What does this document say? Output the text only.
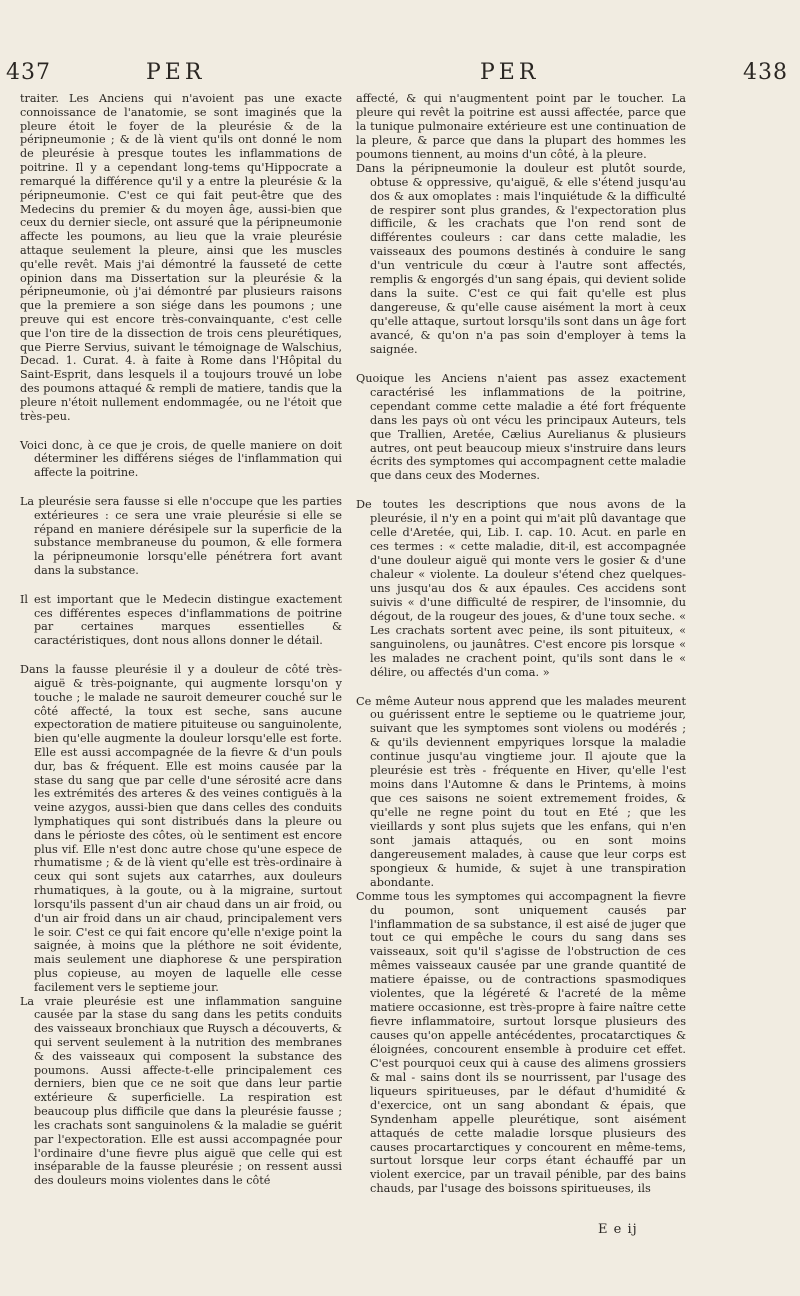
437	PER	PER	438

traiter. Les Anciens qui n'avoient pas une exacte connoissance de l'anatomie, se sont imaginés que la pleure étoit le foyer de la pleurésie & de la péripneumonie ; & de là vient qu'ils ont donné le nom de pleurésie à presque toutes les inflammations de poitrine. Il y a cependant long-tems qu'Hippocrate a remarqué la différence qu'il y a entre la pleurésie & la péripneumonie. C'est ce qui fait peut-être que des Medecins du premier & du moyen âge, aussi-bien que ceux du dernier siecle, ont assuré que la péripneumonie affecte les poumons, au lieu que la vraie pleurésie attaque seulement la pleure, ainsi que les muscles qu'elle revêt. Mais j'ai démontré la fausseté de cette opinion dans ma Dissertation sur la pleurésie & la péripneumonie, où j'ai démontré par plusieurs raisons que la premiere a son siége dans les poumons ; une preuve qui est encore très-convainquante, c'est celle que l'on tire de la dissection de trois cens pleurétiques, que Pierre Servius, suivant le témoignage de Walschius, Decad. 1. Curat. 4. à faite à Rome dans l'Hôpital du Saint-Esprit, dans lesquels il a toujours trouvé un lobe des poumons attaqué & rempli de matiere, tandis que la pleure n'étoit nullement endommagée, ou ne l'étoit que très-peu.

Voici donc, à ce que je crois, de quelle maniere on doit déterminer les différens siéges de l'inflammation qui affecte la poitrine.

La pleurésie sera fausse si elle n'occupe que les parties extérieures : ce sera une vraie pleurésie si elle se répand en maniere dérésipele sur la superficie de la substance membraneuse du poumon, & elle formera la péripneumonie lorsqu'elle pénétrera fort avant dans la substance.

Il est important que le Medecin distingue exactement ces différentes especes d'inflammations de poitrine par certaines marques essentielles & caractéristiques, dont nous allons donner le détail.

Dans la fausse pleurésie il y a douleur de côté très-aiguë & très-poignante, qui augmente lorsqu'on y touche ; le malade ne sauroit demeurer couché sur le côté affecté, la toux est seche, sans aucune expectoration de matiere pituiteuse ou sanguinolente, bien qu'elle augmente la douleur lorsqu'elle est forte. Elle est aussi accompagnée de la fievre & d'un pouls dur, bas & fréquent. Elle est moins causée par la stase du sang que par celle d'une sérosité acre dans les extrémités des arteres & des veines contiguës à la veine azygos, aussi-bien que dans celles des conduits lymphatiques qui sont distribués dans la pleure ou dans le périoste des côtes, où le sentiment est encore plus vif. Elle n'est donc autre chose qu'une espece de rhumatisme ; & de là vient qu'elle est très-ordinaire à ceux qui sont sujets aux catarrhes, aux douleurs rhumatiques, à la goute, ou à la migraine, surtout lorsqu'ils passent d'un air chaud dans un air froid, ou d'un air froid dans un air chaud, principalement vers le soir. C'est ce qui fait encore qu'elle n'exige point la saignée, à moins que la pléthore ne soit évidente, mais seulement une diaphorese & une perspiration plus copieuse, au moyen de laquelle elle cesse facilement vers le septieme jour.

La vraie pleurésie est une inflammation sanguine causée par la stase du sang dans les petits conduits des vaisseaux bronchiaux que Ruysch a découverts, & qui servent seulement à la nutrition des membranes & des vaisseaux qui composent la substance des poumons. Aussi affecte-t-elle principalement ces derniers, bien que ce ne soit que dans leur partie extérieure & superficielle. La respiration est beaucoup plus difficile que dans la pleurésie fausse ; les crachats sont sanguinolens & la maladie se guérit par l'expectoration. Elle est aussi accompagnée pour l'ordinaire d'une fievre plus aiguë que celle qui est inséparable de la fausse pleurésie ; on ressent aussi des douleurs moins violentes dans le côté

affecté, & qui n'augmentent point par le toucher. La pleure qui revêt la poitrine est aussi affectée, parce que la tunique pulmonaire extérieure est une continuation de la pleure, & parce que dans la plupart des hommes les poumons tiennent, au moins d'un côté, à la pleure.

Dans la péripneumonie la douleur est plutôt sourde, obtuse & oppressive, qu'aiguë, & elle s'étend jusqu'au dos & aux omoplates : mais l'inquiétude & la difficulté de respirer sont plus grandes, & l'expectoration plus difficile, & les crachats que l'on rend sont de différentes couleurs : car dans cette maladie, les vaisseaux des poumons destinés à conduire le sang d'un ventricule du cœur à l'autre sont affectés, remplis & engorgés d'un sang épais, qui devient solide dans la suite. C'est ce qui fait qu'elle est plus dangereuse, & qu'elle cause aisément la mort à ceux qu'elle attaque, surtout lorsqu'ils sont dans un âge fort avancé, & qu'on n'a pas soin d'employer à tems la saignée.

Quoique les Anciens n'aient pas assez exactement caractérisé les inflammations de la poitrine, cependant comme cette maladie a été fort fréquente dans les pays où ont vécu les principaux Auteurs, tels que Trallien, Aretée, Cælius Aurelianus & plusieurs autres, ont peut beaucoup mieux s'instruire dans leurs écrits des symptomes qui accompagnent cette maladie que dans ceux des Modernes.

De toutes les descriptions que nous avons de la pleurésie, il n'y en a point qui m'ait plû davantage que celle d'Aretée, qui, Lib. I. cap. 10. Acut. en parle en ces termes : « cette maladie, dit-il, est accompagnée d'une douleur aiguë qui monte vers le gosier & d'une chaleur « violente. La douleur s'étend chez quelques-uns jusqu'au dos & aux épaules. Ces accidens sont suivis « d'une difficulté de respirer, de l'insomnie, du dégout, de la rougeur des joues, & d'une toux seche. « Les crachats sortent avec peine, ils sont pituiteux, « sanguinolens, ou jaunâtres. C'est encore pis lorsque « les malades ne crachent point, qu'ils sont dans le « délire, ou affectés d'un coma. »

Ce même Auteur nous apprend que les malades meurent ou guérissent entre le septieme ou le quatrieme jour, suivant que les symptomes sont violens ou modérés ; & qu'ils deviennent empyriques lorsque la maladie continue jusqu'au vingtieme jour. Il ajoute que la pleurésie est très - fréquente en Hiver, qu'elle l'est moins dans l'Automne & dans le Printems, à moins que ces saisons ne soient extremement froides, & qu'elle ne regne point du tout en Eté ; que les vieillards y sont plus sujets que les enfans, qui n'en sont jamais attaqués, ou en sont moins dangereusement malades, à cause que leur corps est spongieux & humide, & sujet à une transpiration abondante.

Comme tous les symptomes qui accompagnent la fievre du poumon, sont uniquement causés par l'inflammation de sa substance, il est aisé de juger que tout ce qui empêche le cours du sang dans ses vaisseaux, soit qu'il s'agisse de l'obstruction de ces mêmes vaisseaux causée par une grande quantité de matiere épaisse, ou de contractions spasmodiques violentes, que la légéreté & l'acreté de la même matiere occasionne, est très-propre à faire naître cette fievre inflammatoire, surtout lorsque plusieurs des causes qu'on appelle antécédentes, procatarctiques & éloignées, concourent ensemble à produire cet effet. C'est pourquoi ceux qui à cause des alimens grossiers & mal - sains dont ils se nourrissent, par l'usage des liqueurs spiritueuses, par le défaut d'humidité & d'exercice, ont un sang abondant & épais, que Syndenham appelle pleurétique, sont aisément attaqués de cette maladie lorsque plusieurs des causes procartarctiques y concourent en même-tems, surtout lorsque leur corps étant échauffé par un violent exercice, par un travail pénible, par des bains chauds, par l'usage des boissons spiritueuses, ils

E e ij
